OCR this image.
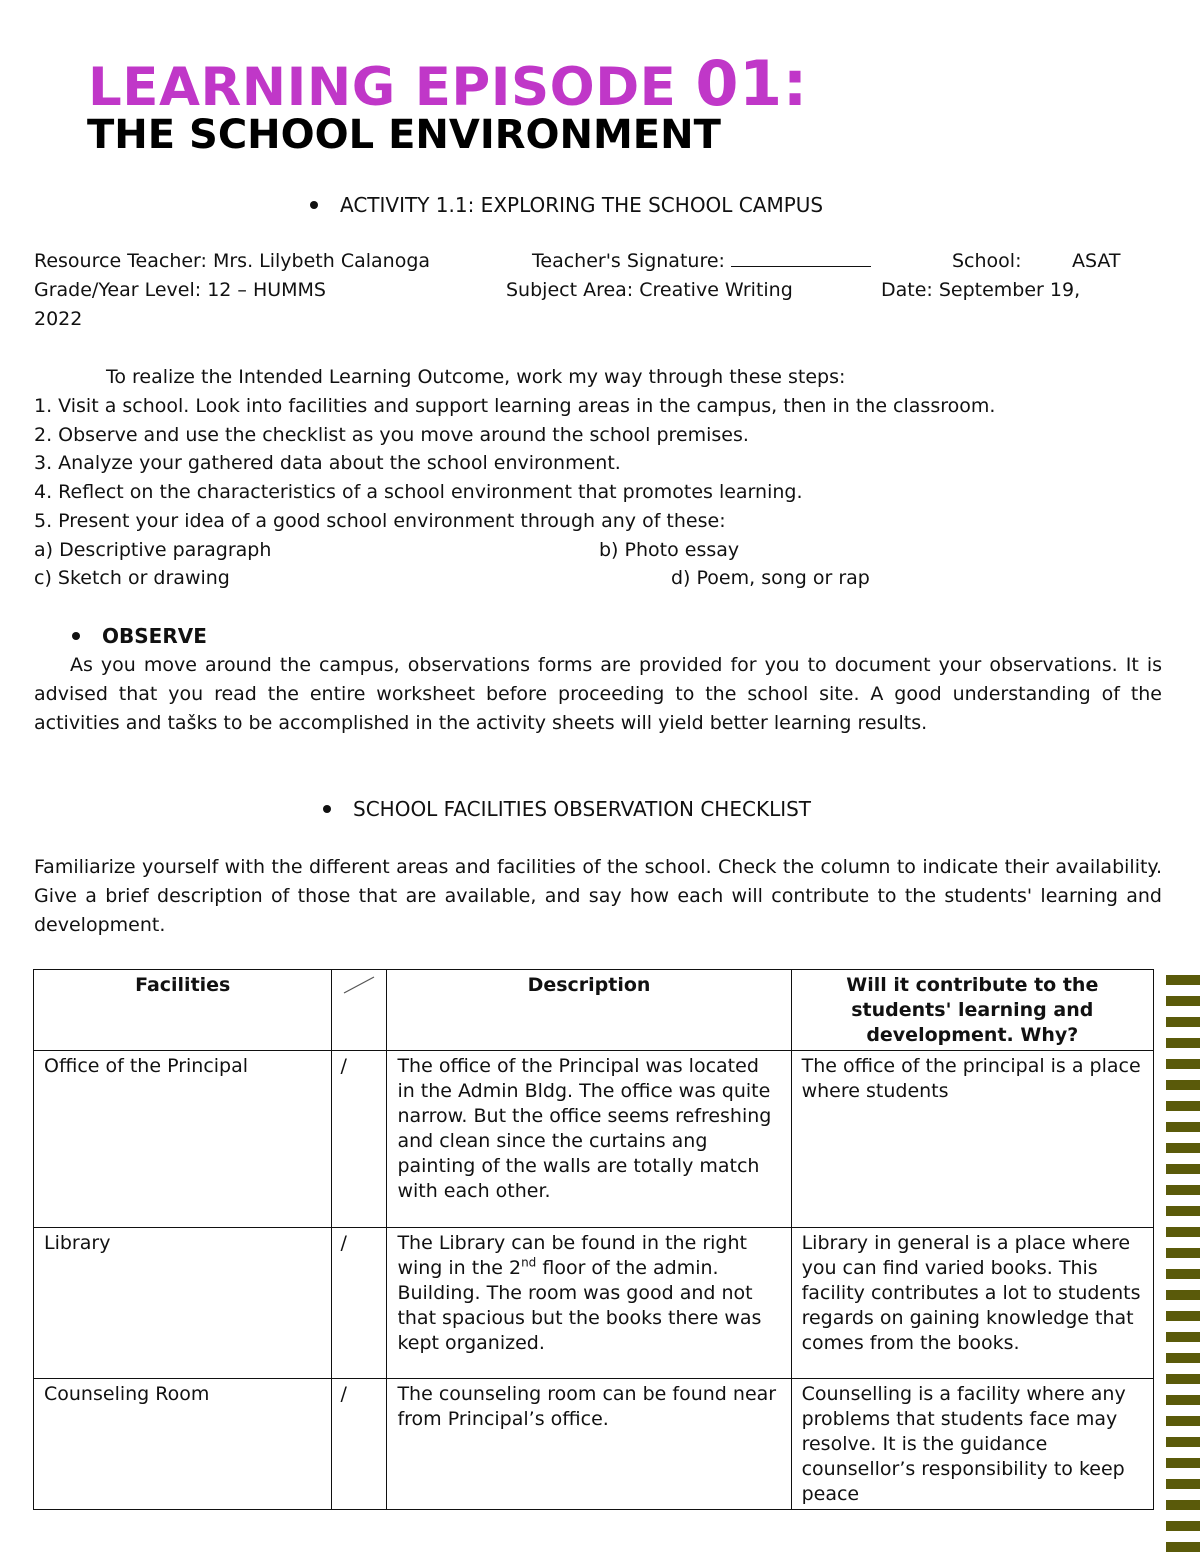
LEARNING EPISODE 01:
THE SCHOOL ENVIRONMENT
ACTIVITY 1.1: EXPLORING THE SCHOOL CAMPUS
Resource Teacher: Mrs. Lilybeth Calanoga	Teacher's Signature:	School:	ASAT
Grade/Year Level: 12 – HUMMS	Subject Area: Creative Writing	Date: September 19,
2022
To realize the Intended Learning Outcome, work my way through these steps:
1. Visit a school. Look into facilities and support learning areas in the campus, then in the classroom.
2. Observe and use the checklist as you move around the school premises.
3. Analyze your gathered data about the school environment.
4. Reflect on the characteristics of a school environment that promotes learning.
5. Present your idea of a good school environment through any of these:
a) Descriptive paragraph	b) Photo essay
c) Sketch or drawing	d) Poem, song or rap
OBSERVE
As you move around the campus, observations forms are provided for you to document your observations. It is advised that you read the entire worksheet before proceeding to the school site. A good understanding of the activities and tašks to be accomplished in the activity sheets will yield better learning results.
SCHOOL FACILITIES OBSERVATION CHECKLIST
Familiarize yourself with the different areas and facilities of the school. Check the column to indicate their availability. Give a brief description of those that are available, and say how each will contribute to the students' learning and development.
Facilities		Description	Will it contribute to the students' learning and development. Why?
Office of the Principal	/	The office of the Principal was located in the Admin Bldg. The office was quite narrow. But the office seems refreshing and clean since the curtains ang painting of the walls are totally match with each other.	The office of the principal is a place where students
Library	/	The Library can be found in the right wing in the 2nd floor of the admin. Building. The room was good and not that spacious but the books there was kept organized.	Library in general is a place where you can find varied books. This facility contributes a lot to students regards on gaining knowledge that comes from the books.
Counseling Room	/	The counseling room can be found near from Principal’s office.	Counselling is a facility where any problems that students face may resolve. It is the guidance counsellor’s responsibility to keep peace
